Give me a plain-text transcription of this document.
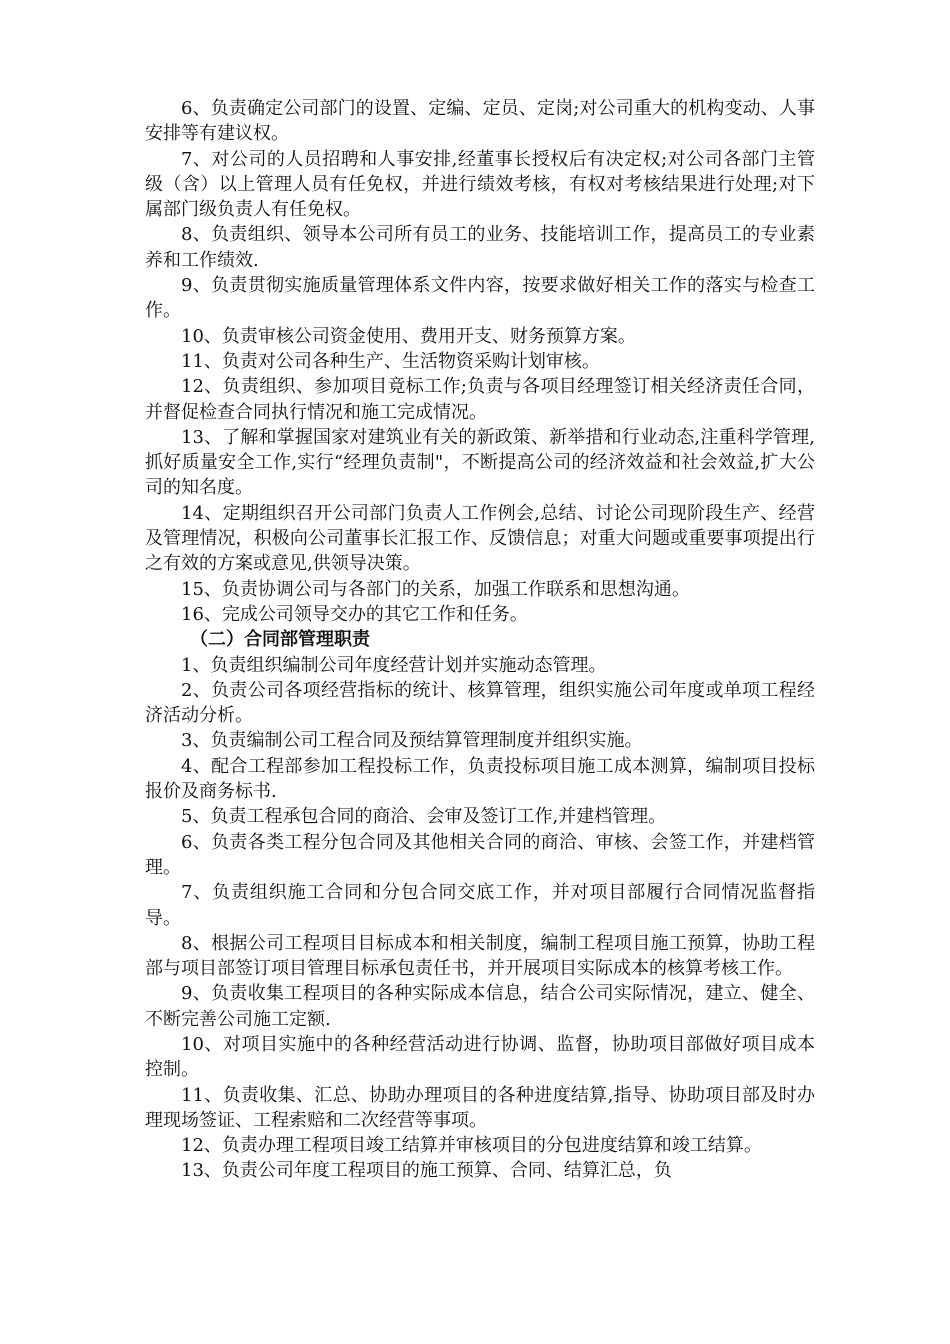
6、负责确定公司部门的设置、定编、定员、定岗;对公司重大的机构变动、人事安排等有建议权。

7、对公司的人员招聘和人事安排,经董事长授权后有决定权;对公司各部门主管级（含）以上管理人员有任免权，并进行绩效考核，有权对考核结果进行处理;对下属部门级负责人有任免权。

8、负责组织、领导本公司所有员工的业务、技能培训工作，提高员工的专业素养和工作绩效.

9、负责贯彻实施质量管理体系文件内容，按要求做好相关工作的落实与检查工作。

10、负责审核公司资金使用、费用开支、财务预算方案。

11、负责对公司各种生产、生活物资采购计划审核。

12、负责组织、参加项目竟标工作;负责与各项目经理签订相关经济责任合同，并督促检查合同执行情况和施工完成情况。

13、了解和掌握国家对建筑业有关的新政策、新举措和行业动态,注重科学管理,抓好质量安全工作,实行“经理负责制"，不断提高公司的经济效益和社会效益,扩大公司的知名度。

14、定期组织召开公司部门负责人工作例会,总结、讨论公司现阶段生产、经营及管理情况，积极向公司董事长汇报工作、反馈信息；对重大问题或重要事项提出行之有效的方案或意见,供领导决策。

15、负责协调公司与各部门的关系，加强工作联系和思想沟通。

16、完成公司领导交办的其它工作和任务。

（二）合同部管理职责

1、负责组织编制公司年度经营计划并实施动态管理。

2、负责公司各项经营指标的统计、核算管理，组织实施公司年度或单项工程经济活动分析。

3、负责编制公司工程合同及预结算管理制度并组织实施。

4、配合工程部参加工程投标工作，负责投标项目施工成本测算，编制项目投标报价及商务标书.

5、负责工程承包合同的商洽、会审及签订工作,并建档管理。

6、负责各类工程分包合同及其他相关合同的商洽、审核、会签工作，并建档管理。

7、负责组织施工合同和分包合同交底工作，并对项目部履行合同情况监督指导。

8、根据公司工程项目目标成本和相关制度，编制工程项目施工预算，协助工程部与项目部签订项目管理目标承包责任书，并开展项目实际成本的核算考核工作。

9、负责收集工程项目的各种实际成本信息，结合公司实际情况，建立、健全、不断完善公司施工定额.

10、对项目实施中的各种经营活动进行协调、监督，协助项目部做好项目成本控制。

11、负责收集、汇总、协助办理项目的各种进度结算,指导、协助项目部及时办理现场签证、工程索赔和二次经营等事项。

12、负责办理工程项目竣工结算并审核项目的分包进度结算和竣工结算。

13、负责公司年度工程项目的施工预算、合同、结算汇总，负
